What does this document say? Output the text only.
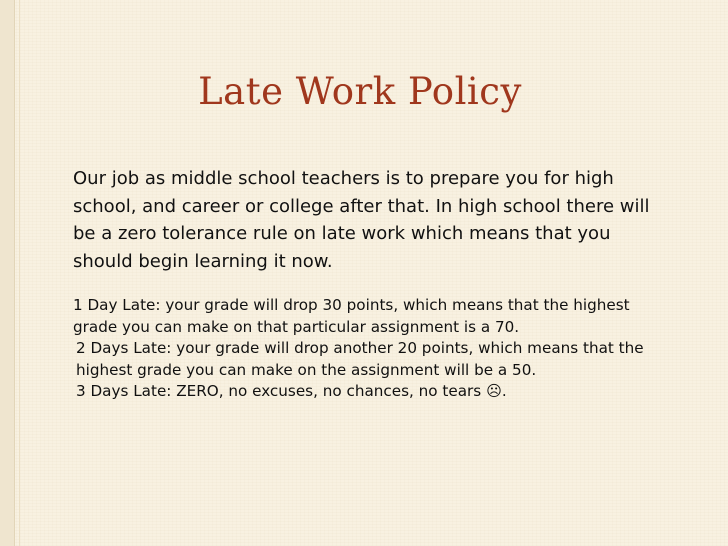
Late Work Policy

Our job as middle school teachers is to prepare you for high school, and career or college after that. In high school there will be a zero tolerance rule on late work which means that you should begin learning it now.

1 Day Late: your grade will drop 30 points, which means that the highest grade you can make on that particular assignment is a 70.

2 Days Late: your grade will drop another 20 points, which means that the highest grade you can make on the assignment will be a 50.

3 Days Late: ZERO, no excuses, no chances, no tears ☹.
